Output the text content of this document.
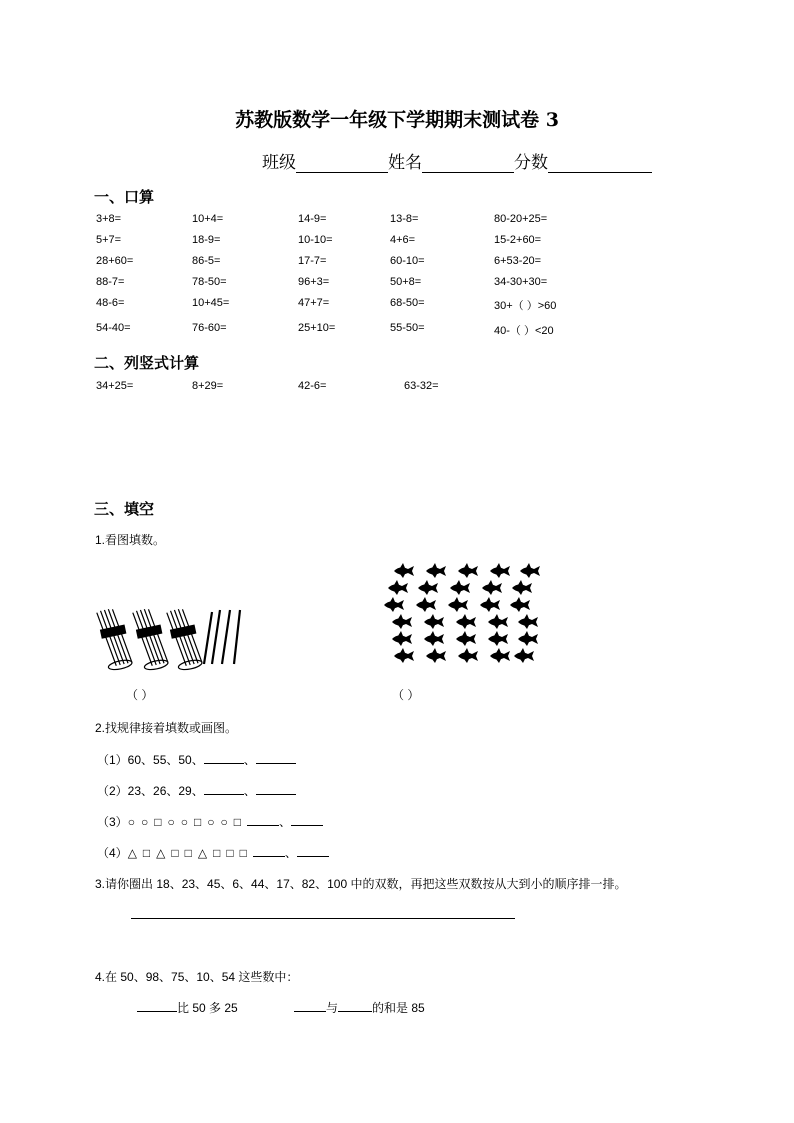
苏教版数学一年级下学期期末测试卷 3
班级	姓名	分数
一、口算
3+8=	10+4=	14-9=	13-8=	80-20+25=
5+7=	18-9=	10-10=	4+6=	15-2+60=
28+60=	86-5=	17-7=	60-10=	6+53-20=
88-7=	78-50=	96+3=	50+8=	34-30+30=
48-6=	10+45=	47+7=	68-50=	30+（ ）>60
54-40=	76-60=	25+10=	55-50=	40-（ ）<20
二、列竖式计算
34+25=	8+29=	42-6=	63-32=
三、填空
1.看图填数。
（ ）	（ ）
2.找规律接着填数或画图。
（1）60、55、50、	、
（2）23、26、29、	、
（3）○ ○ □ ○ ○ □ ○ ○ □	、
（4）△ □ △ □ □ △ □ □ □	、
3.请你圈出 18、23、45、6、44、17、82、100 中的双数，再把这些双数按从大到小的顺序排一排。
4.在 50、98、75、10、54 这些数中：
比 50 多 25	与	的和是 85
